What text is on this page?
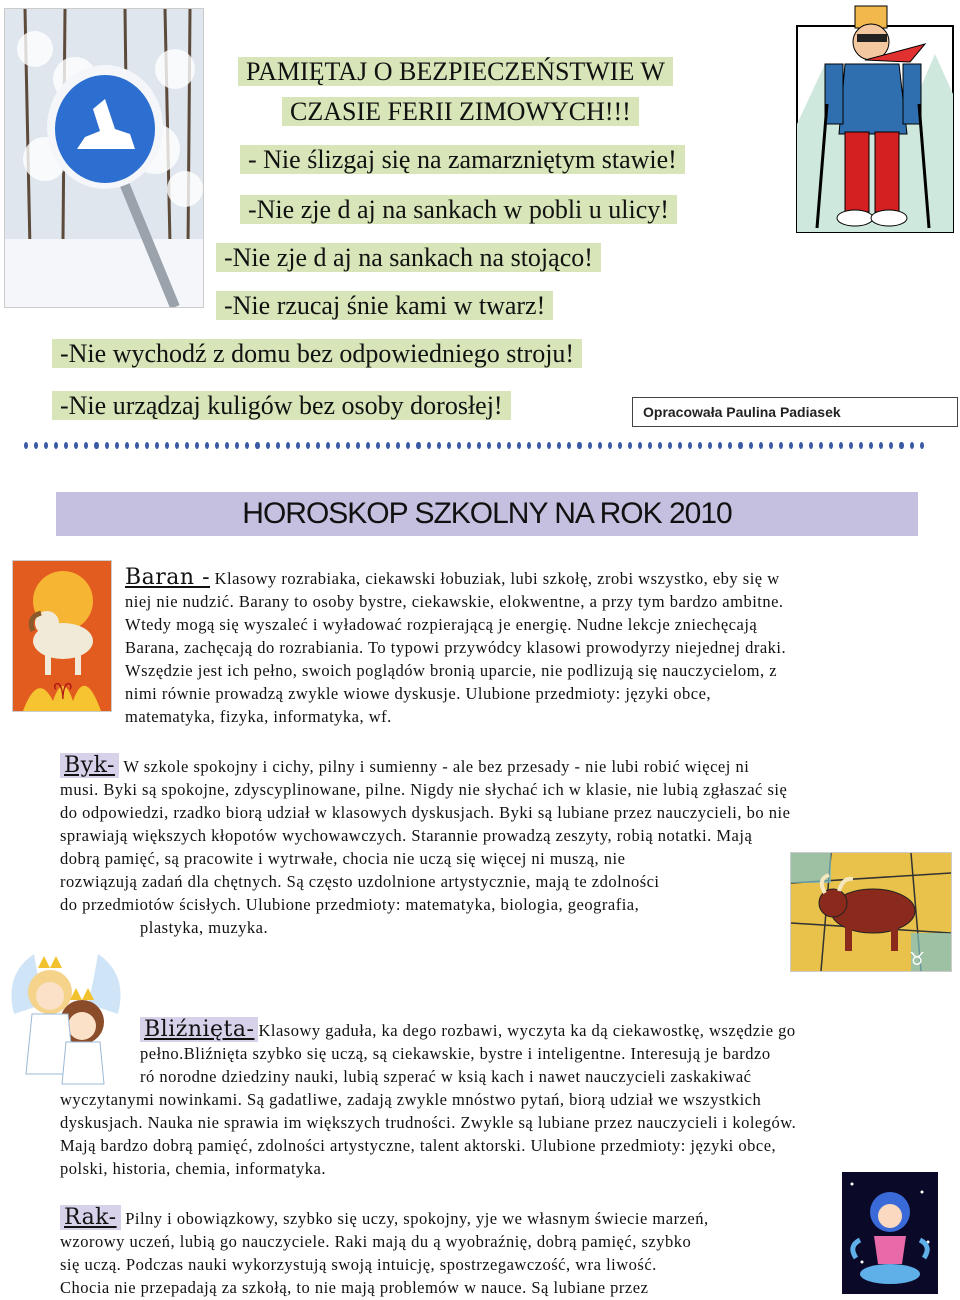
PAMIĘTAJ O BEZPIECZEŃSTWIE W
CZASIE FERII ZIMOWYCH!!!
- Nie ślizgaj się na zamarzniętym stawie!
-Nie zje d aj na sankach w pobli u ulicy!
-Nie zje d aj na sankach na stojąco!
-Nie rzucaj śnie kami w twarz!
-Nie wychodź z domu bez odpowiedniego stroju!
-Nie urządzaj kuligów bez osoby dorosłej!	Opracowała Paulina Padiasek
HOROSKOP SZKOLNY NA ROK 2010
♈
Baran - Klasowy rozrabiaka, ciekawski łobuziak, lubi szkołę, zrobi wszystko, eby się w
niej nie nudzić. Barany to osoby bystre, ciekawskie, elokwentne, a przy tym bardzo ambitne.
Wtedy mogą się wyszaleć i wyładować rozpierającą je energię. Nudne lekcje zniechęcają
Barana, zachęcają do rozrabiania. To typowi przywódcy klasowi prowodyrzy niejednej draki.
Wszędzie jest ich pełno, swoich poglądów bronią uparcie, nie podlizują się nauczycielom, z
nimi równie prowadzą zwykle wiowe dyskusje. Ulubione przedmioty: języki obce,
matematyka, fizyka, informatyka, wf.
Byk- W szkole spokojny i cichy, pilny i sumienny - ale bez przesady - nie lubi robić więcej ni
musi. Byki są spokojne, zdyscyplinowane, pilne. Nigdy nie słychać ich w klasie, nie lubią zgłaszać się
do odpowiedzi, rzadko biorą udział w klasowych dyskusjach. Byki są lubiane przez nauczycieli, bo nie
sprawiają większych kłopotów wychowawczych. Starannie prowadzą zeszyty, robią notatki. Mają
dobrą pamięć, są pracowite i wytrwałe, chocia nie uczą się więcej ni muszą, nie
rozwiązują zadań dla chętnych. Są często uzdolnione artystycznie, mają te zdolności
do przedmiotów ścisłych. Ulubione przedmioty: matematyka, biologia, geografia,
plastyka, muzyka.
♉
Bliźnięta- Klasowy gaduła, ka dego rozbawi, wyczyta ka dą ciekawostkę, wszędzie go
pełno.Bliźnięta szybko się uczą, są ciekawskie, bystre i inteligentne. Interesują je bardzo
ró norodne dziedziny nauki, lubią szperać w ksią kach i nawet nauczycieli zaskakiwać
wyczytanymi nowinkami. Są gadatliwe, zadają zwykle mnóstwo pytań, biorą udział we wszystkich
dyskusjach. Nauka nie sprawia im większych trudności. Zwykle są lubiane przez nauczycieli i kolegów.
Mają bardzo dobrą pamięć, zdolności artystyczne, talent aktorski. Ulubione przedmioty: języki obce,
polski, historia, chemia, informatyka.
Rak- Pilny i obowiązkowy, szybko się uczy, spokojny, yje we własnym świecie marzeń,
wzorowy uczeń, lubią go nauczyciele. Raki mają du ą wyobraźnię, dobrą pamięć, szybko
się uczą. Podczas nauki wykorzystują swoją intuicję, spostrzegawczość, wra liwość.
Chocia nie przepadają za szkołą, to nie mają problemów w nauce. Są lubiane przez
